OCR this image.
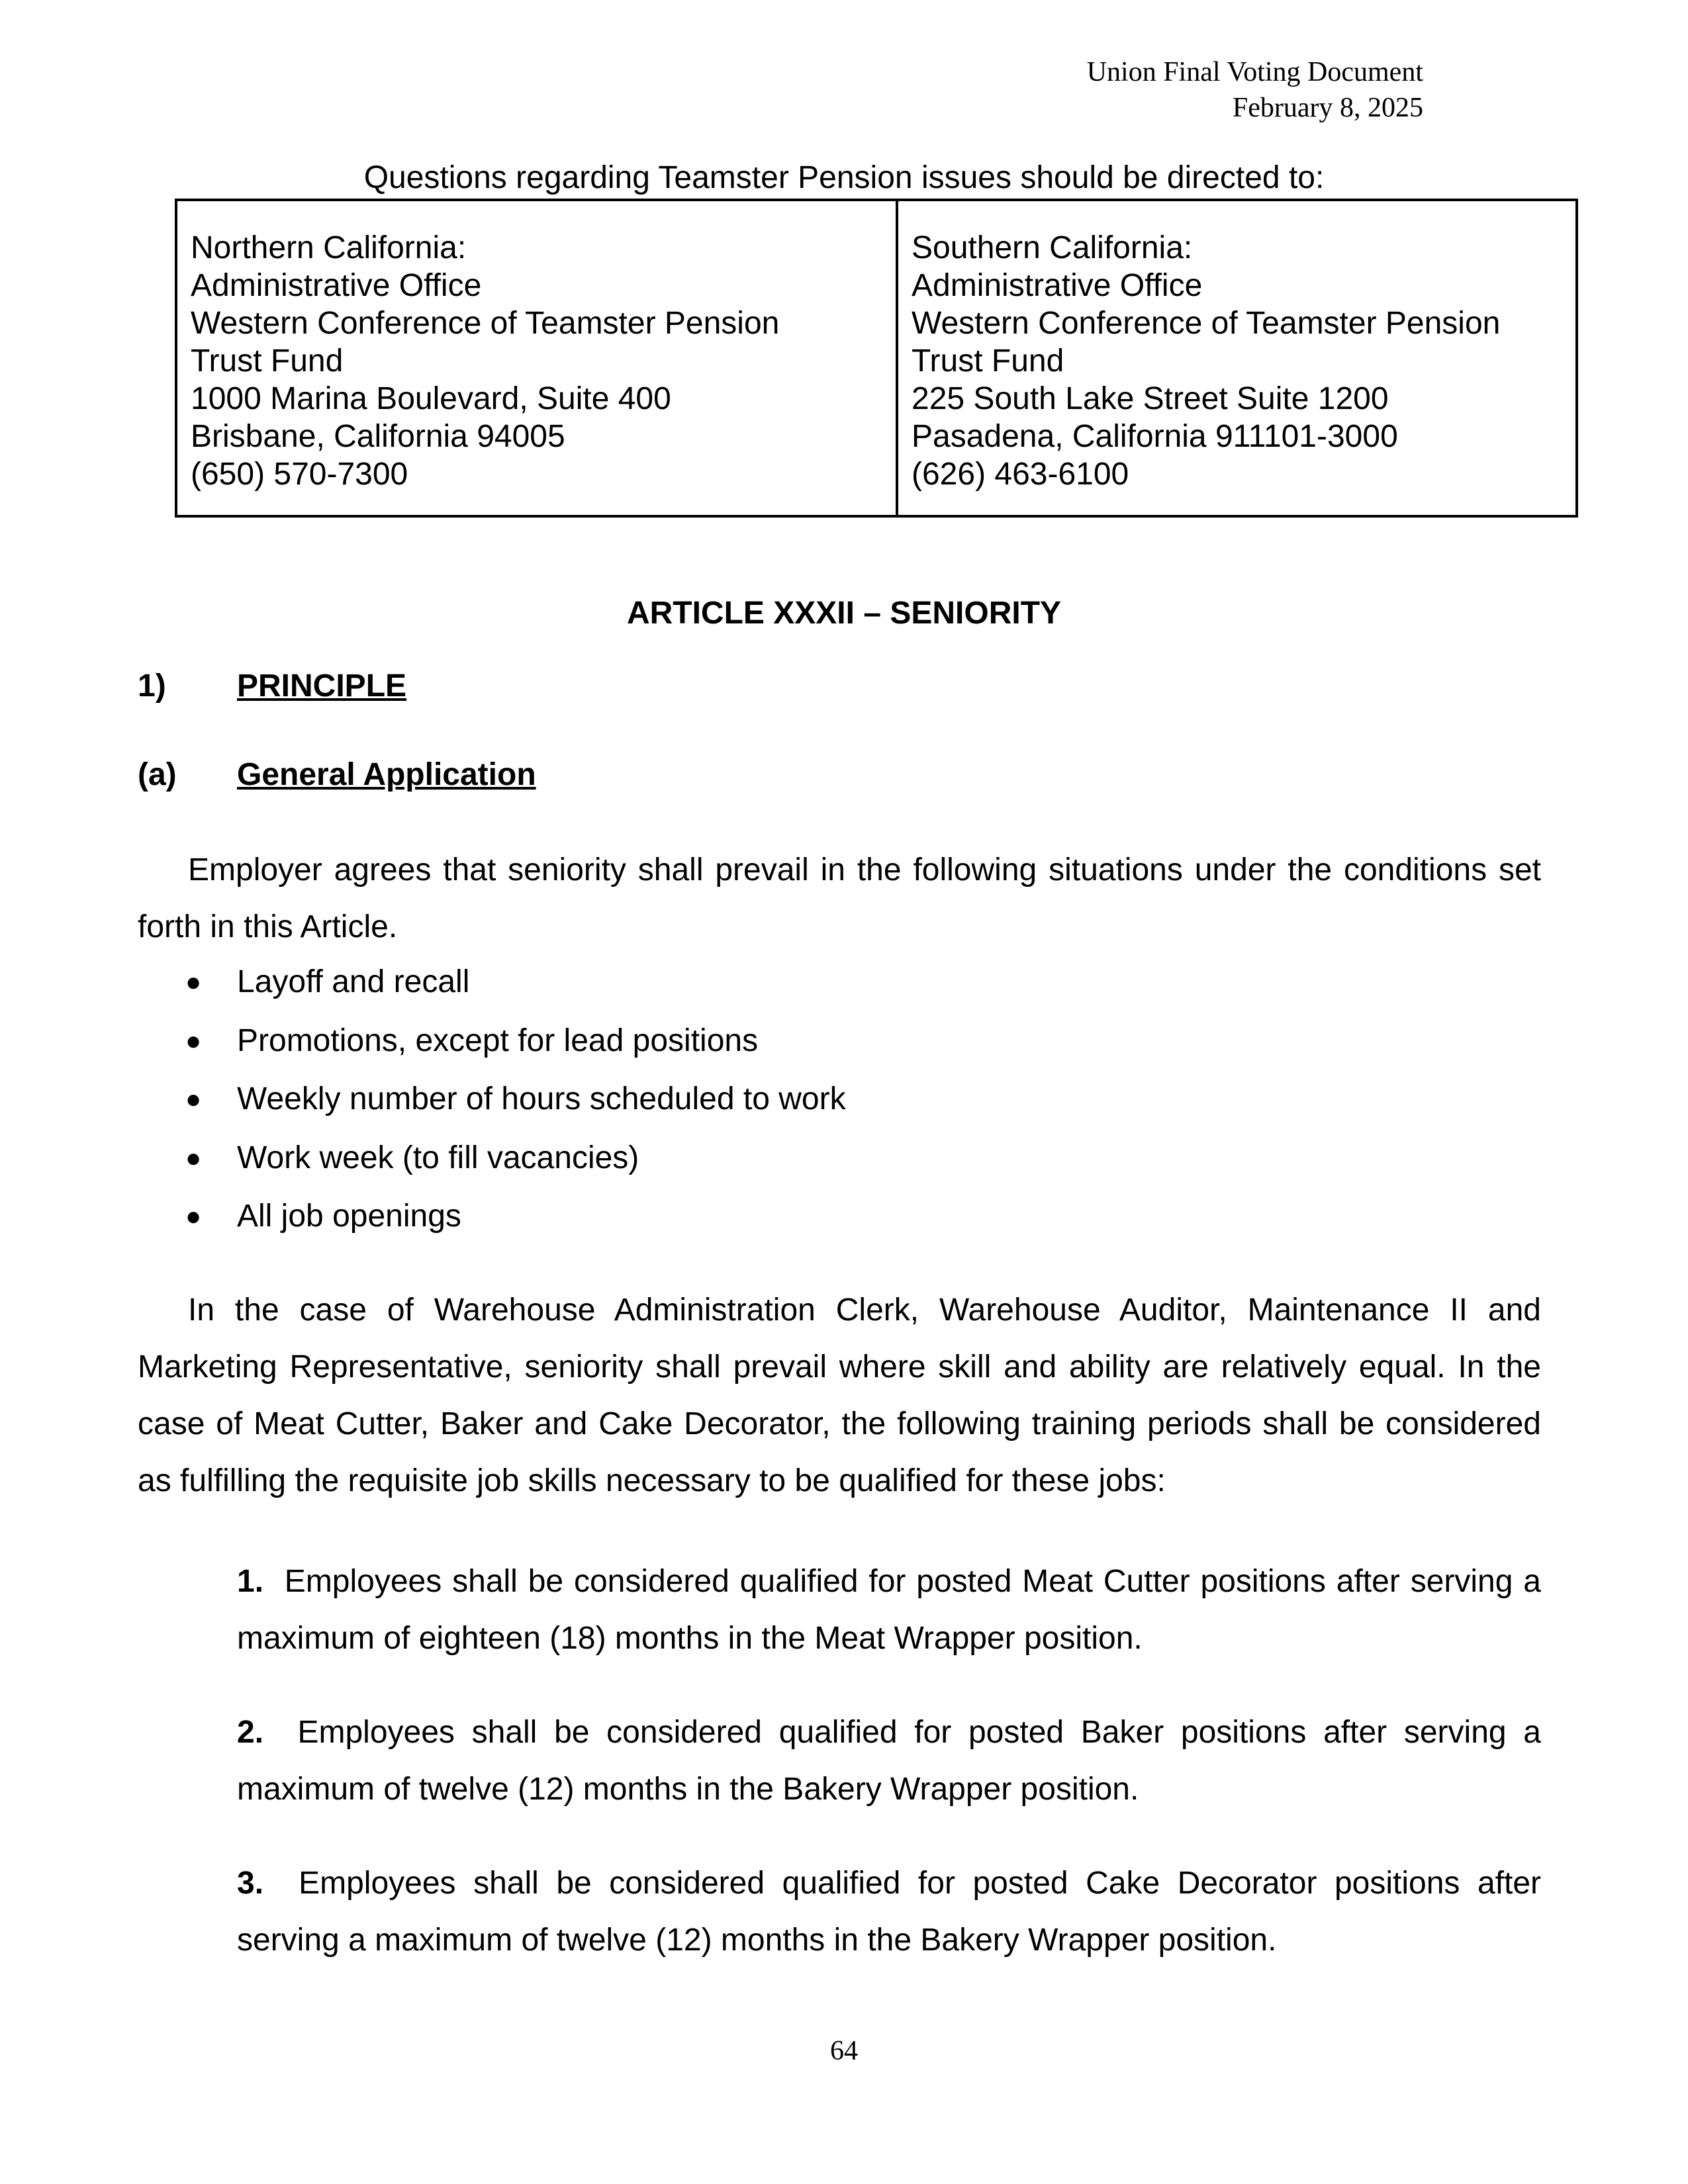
Union Final Voting Document
February 8, 2025
Questions regarding Teamster Pension issues should be directed to:
Northern California:
Administrative Office
Western Conference of Teamster Pension
Trust Fund
1000 Marina Boulevard, Suite 400
Brisbane, California 94005
(650) 570-7300
Southern California:
Administrative Office
Western Conference of Teamster Pension
Trust Fund
225 South Lake Street Suite 1200
Pasadena, California 911101-3000
(626) 463-6100
ARTICLE XXXII – SENIORITY
1) PRINCIPLE
(a) General Application
Employer agrees that seniority shall prevail in the following situations under the conditions set forth in this Article.
●	Layoff and recall
●	Promotions, except for lead positions
●	Weekly number of hours scheduled to work
●	Work week (to fill vacancies)
●	All job openings
In the case of Warehouse Administration Clerk, Warehouse Auditor, Maintenance II and Marketing Representative, seniority shall prevail where skill and ability are relatively equal. In the case of Meat Cutter, Baker and Cake Decorator, the following training periods shall be considered as fulfilling the requisite job skills necessary to be qualified for these jobs:
1. Employees shall be considered qualified for posted Meat Cutter positions after serving a maximum of eighteen (18) months in the Meat Wrapper position.
2. Employees shall be considered qualified for posted Baker positions after serving a maximum of twelve (12) months in the Bakery Wrapper position.
3. Employees shall be considered qualified for posted Cake Decorator positions after serving a maximum of twelve (12) months in the Bakery Wrapper position.
64
